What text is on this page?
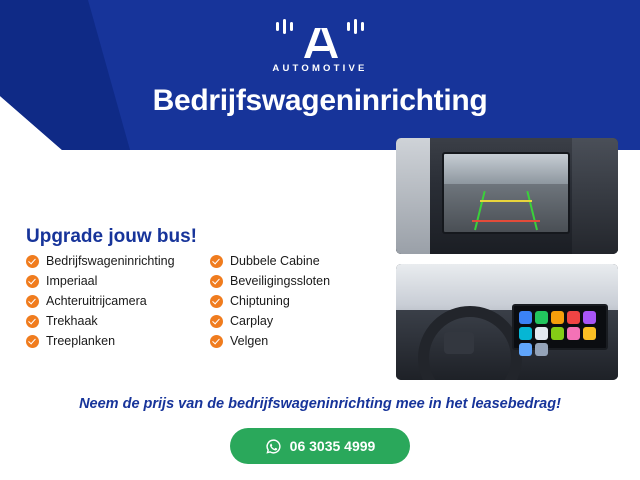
AUTOMOTIVE
Bedrijfswageninrichting
Upgrade jouw bus!
Bedrijfswageninrichting
Imperiaal
Achteruitrijcamera
Trekhaak
Treeplanken
Dubbele Cabine
Beveiligingssloten
Chiptuning
Carplay
Velgen
Neem de prijs van de bedrijfswageninrichting mee in het leasebedrag!
06 3035 4999
